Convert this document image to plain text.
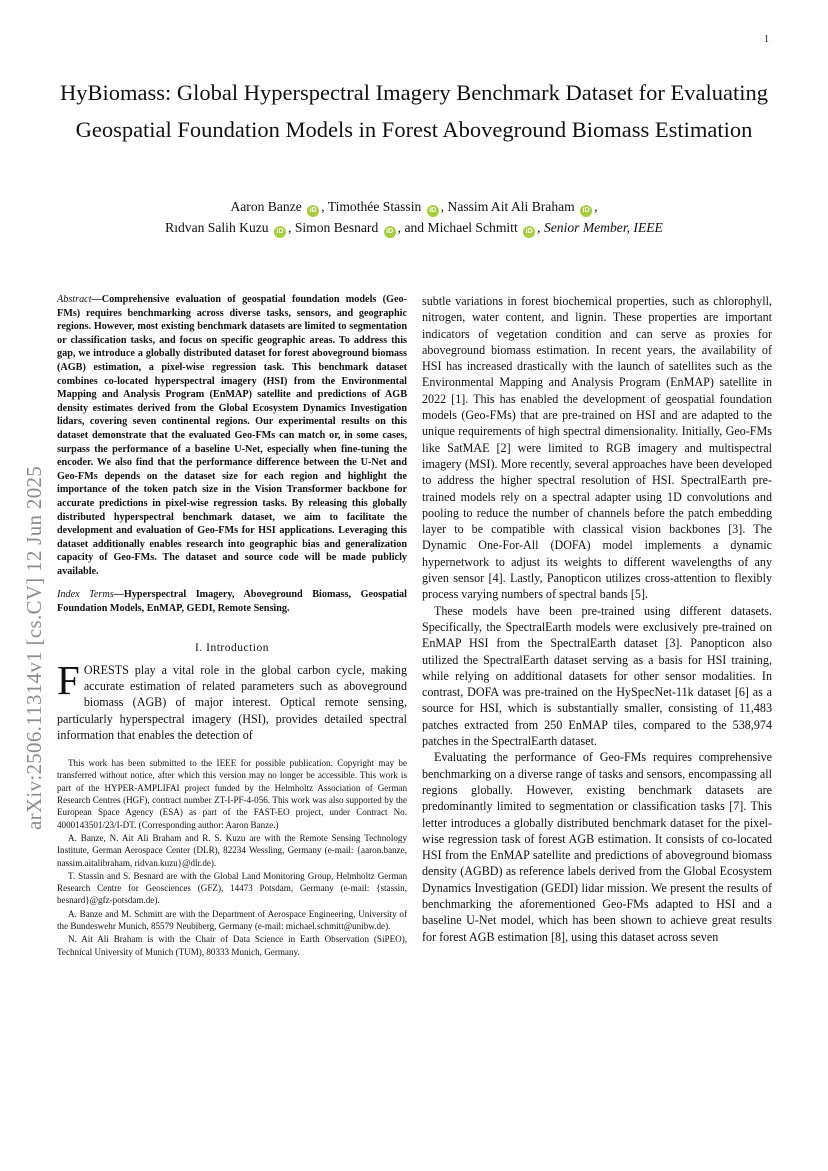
1
arXiv:2506.11314v1 [cs.CV] 12 Jun 2025
HyBiomass: Global Hyperspectral Imagery Benchmark Dataset for Evaluating Geospatial Foundation Models in Forest Aboveground Biomass Estimation
Aaron Banze iD , Timothée Stassin iD , Nassim Ait Ali Braham iD ,
Rıdvan Salih Kuzu iD , Simon Besnard iD , and Michael Schmitt iD , Senior Member, IEEE

Abstract—Comprehensive evaluation of geospatial foundation models (Geo-FMs) requires benchmarking across diverse tasks, sensors, and geographic regions. However, most existing benchmark datasets are limited to segmentation or classification tasks, and focus on specific geographic areas. To address this gap, we introduce a globally distributed dataset for forest aboveground biomass (AGB) estimation, a pixel-wise regression task. This benchmark dataset combines co-located hyperspectral imagery (HSI) from the Environmental Mapping and Analysis Program (EnMAP) satellite and predictions of AGB density estimates derived from the Global Ecosystem Dynamics Investigation lidars, covering seven continental regions. Our experimental results on this dataset demonstrate that the evaluated Geo-FMs can match or, in some cases, surpass the performance of a baseline U-Net, especially when fine-tuning the encoder. We also find that the performance difference between the U-Net and Geo-FMs depends on the dataset size for each region and highlight the importance of the token patch size in the Vision Transformer backbone for accurate predictions in pixel-wise regression tasks. By releasing this globally distributed hyperspectral benchmark dataset, we aim to facilitate the development and evaluation of Geo-FMs for HSI applications. Leveraging this dataset additionally enables research into geographic bias and generalization capacity of Geo-FMs. The dataset and source code will be made publicly available.

Index Terms—Hyperspectral Imagery, Aboveground Biomass, Geospatial Foundation Models, EnMAP, GEDI, Remote Sensing.

I. Introduction

FORESTS play a vital role in the global carbon cycle, making accurate estimation of related parameters such as aboveground biomass (AGB) of major interest. Optical remote sensing, particularly hyperspectral imagery (HSI), provides detailed spectral information that enables the detection of

This work has been submitted to the IEEE for possible publication. Copyright may be transferred without notice, after which this version may no longer be accessible. This work is part of the HYPER-AMPLIFAI project funded by the Helmholtz Association of German Research Centres (HGF), contract number ZT-I-PF-4-056. This work was also supported by the European Space Agency (ESA) as part of the FAST-EO project, under Contract No. 4000143501/23/I-DT. (Corresponding author: Aaron Banze.)

A. Banze, N. Ait Ali Braham and R. S. Kuzu are with the Remote Sensing Technology Institute, German Aerospace Center (DLR), 82234 Wessling, Germany (e-mail: {aaron.banze, nassim.aitalibraham, ridvan.kuzu}@dlr.de).

T. Stassin and S. Besnard are with the Global Land Monitoring Group, Helmholtz German Research Centre for Geosciences (GFZ), 14473 Potsdam, Germany (e-mail: {stassin, besnard}@gfz-potsdam.de).

A. Banze and M. Schmitt are with the Department of Aerospace Engineering, University of the Bundeswehr Munich, 85579 Neubiberg, Germany (e-mail: michael.schmitt@unibw.de).

N. Ait Ali Braham is with the Chair of Data Science in Earth Observation (SiPEO), Technical University of Munich (TUM), 80333 Munich, Germany.

subtle variations in forest biochemical properties, such as chlorophyll, nitrogen, water content, and lignin. These properties are important indicators of vegetation condition and can serve as proxies for aboveground biomass estimation. In recent years, the availability of HSI has increased drastically with the launch of satellites such as the Environmental Mapping and Analysis Program (EnMAP) satellite in 2022 [1]. This has enabled the development of geospatial foundation models (Geo-FMs) that are pre-trained on HSI and are adapted to the unique requirements of high spectral dimensionality. Initially, Geo-FMs like SatMAE [2] were limited to RGB imagery and multispectral imagery (MSI). More recently, several approaches have been developed to address the higher spectral resolution of HSI. SpectralEarth pre-trained models rely on a spectral adapter using 1D convolutions and pooling to reduce the number of channels before the patch embedding layer to be compatible with classical vision backbones [3]. The Dynamic One-For-All (DOFA) model implements a dynamic hypernetwork to adjust its weights to different wavelengths of any given sensor [4]. Lastly, Panopticon utilizes cross-attention to flexibly process varying numbers of spectral bands [5].

These models have been pre-trained using different datasets. Specifically, the SpectralEarth models were exclusively pre-trained on EnMAP HSI from the SpectralEarth dataset [3]. Panopticon also utilized the SpectralEarth dataset serving as a basis for HSI training, while relying on additional datasets for other sensor modalities. In contrast, DOFA was pre-trained on the HySpecNet-11k dataset [6] as a source for HSI, which is substantially smaller, consisting of 11,483 patches extracted from 250 EnMAP tiles, compared to the 538,974 patches in the SpectralEarth dataset.

Evaluating the performance of Geo-FMs requires comprehensive benchmarking on a diverse range of tasks and sensors, encompassing all regions globally. However, existing benchmark datasets are predominantly limited to segmentation or classification tasks [7]. This letter introduces a globally distributed benchmark dataset for the pixel-wise regression task of forest AGB estimation. It consists of co-located HSI from the EnMAP satellite and predictions of aboveground biomass density (AGBD) as reference labels derived from the Global Ecosystem Dynamics Investigation (GEDI) lidar mission. We present the results of benchmarking the aforementioned Geo-FMs adapted to HSI and a baseline U-Net model, which has been shown to achieve great results for forest AGB estimation [8], using this dataset across seven
